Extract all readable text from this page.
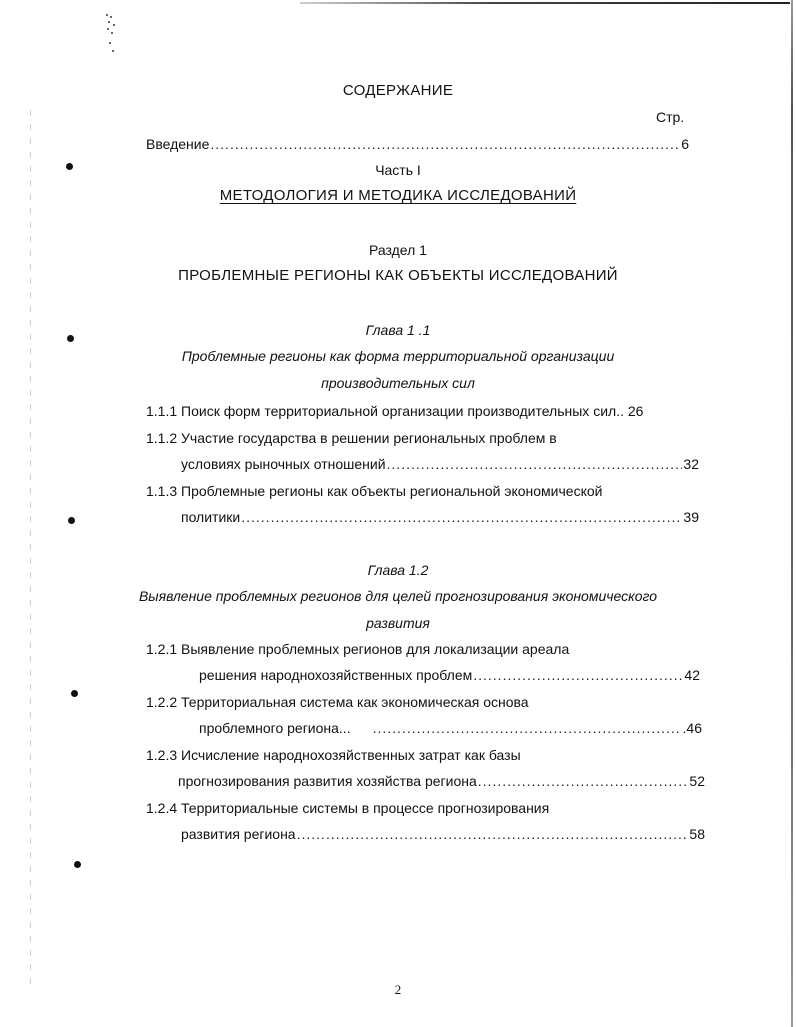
СОДЕРЖАНИЕ
Стр.
Введение .....	6
Часть I
МЕТОДОЛОГИЯ И МЕТОДИКА ИССЛЕДОВАНИЙ
Раздел 1
ПРОБЛЕМНЫЕ РЕГИОНЫ КАК ОБЪЕКТЫ ИССЛЕДОВАНИЙ
Глава 1 .1
Проблемные регионы как форма территориальной организации
производительных сил
1.1.1 Поиск форм территориальной организации производительных сил.. 26
1.1.2 Участие государства в решении региональных проблем в
условиях рыночных отношений .....	32
1.1.3 Проблемные регионы как объекты региональной экономической
политики .....	39
Глава 1.2
Выявление проблемных регионов для целей прогнозирования экономического
развития
1.2.1 Выявление проблемных регионов для локализации ареала
решения народнохозяйственных проблем .....	42
1.2.2 Территориальная система как экономическая основа
проблемного региона... .....	.46
1.2.3 Исчисление народнохозяйственных затрат как базы
прогнозирования развития хозяйства региона .....	52
1.2.4 Территориальные системы в процессе прогнозирования
развития региона .....	58
2
